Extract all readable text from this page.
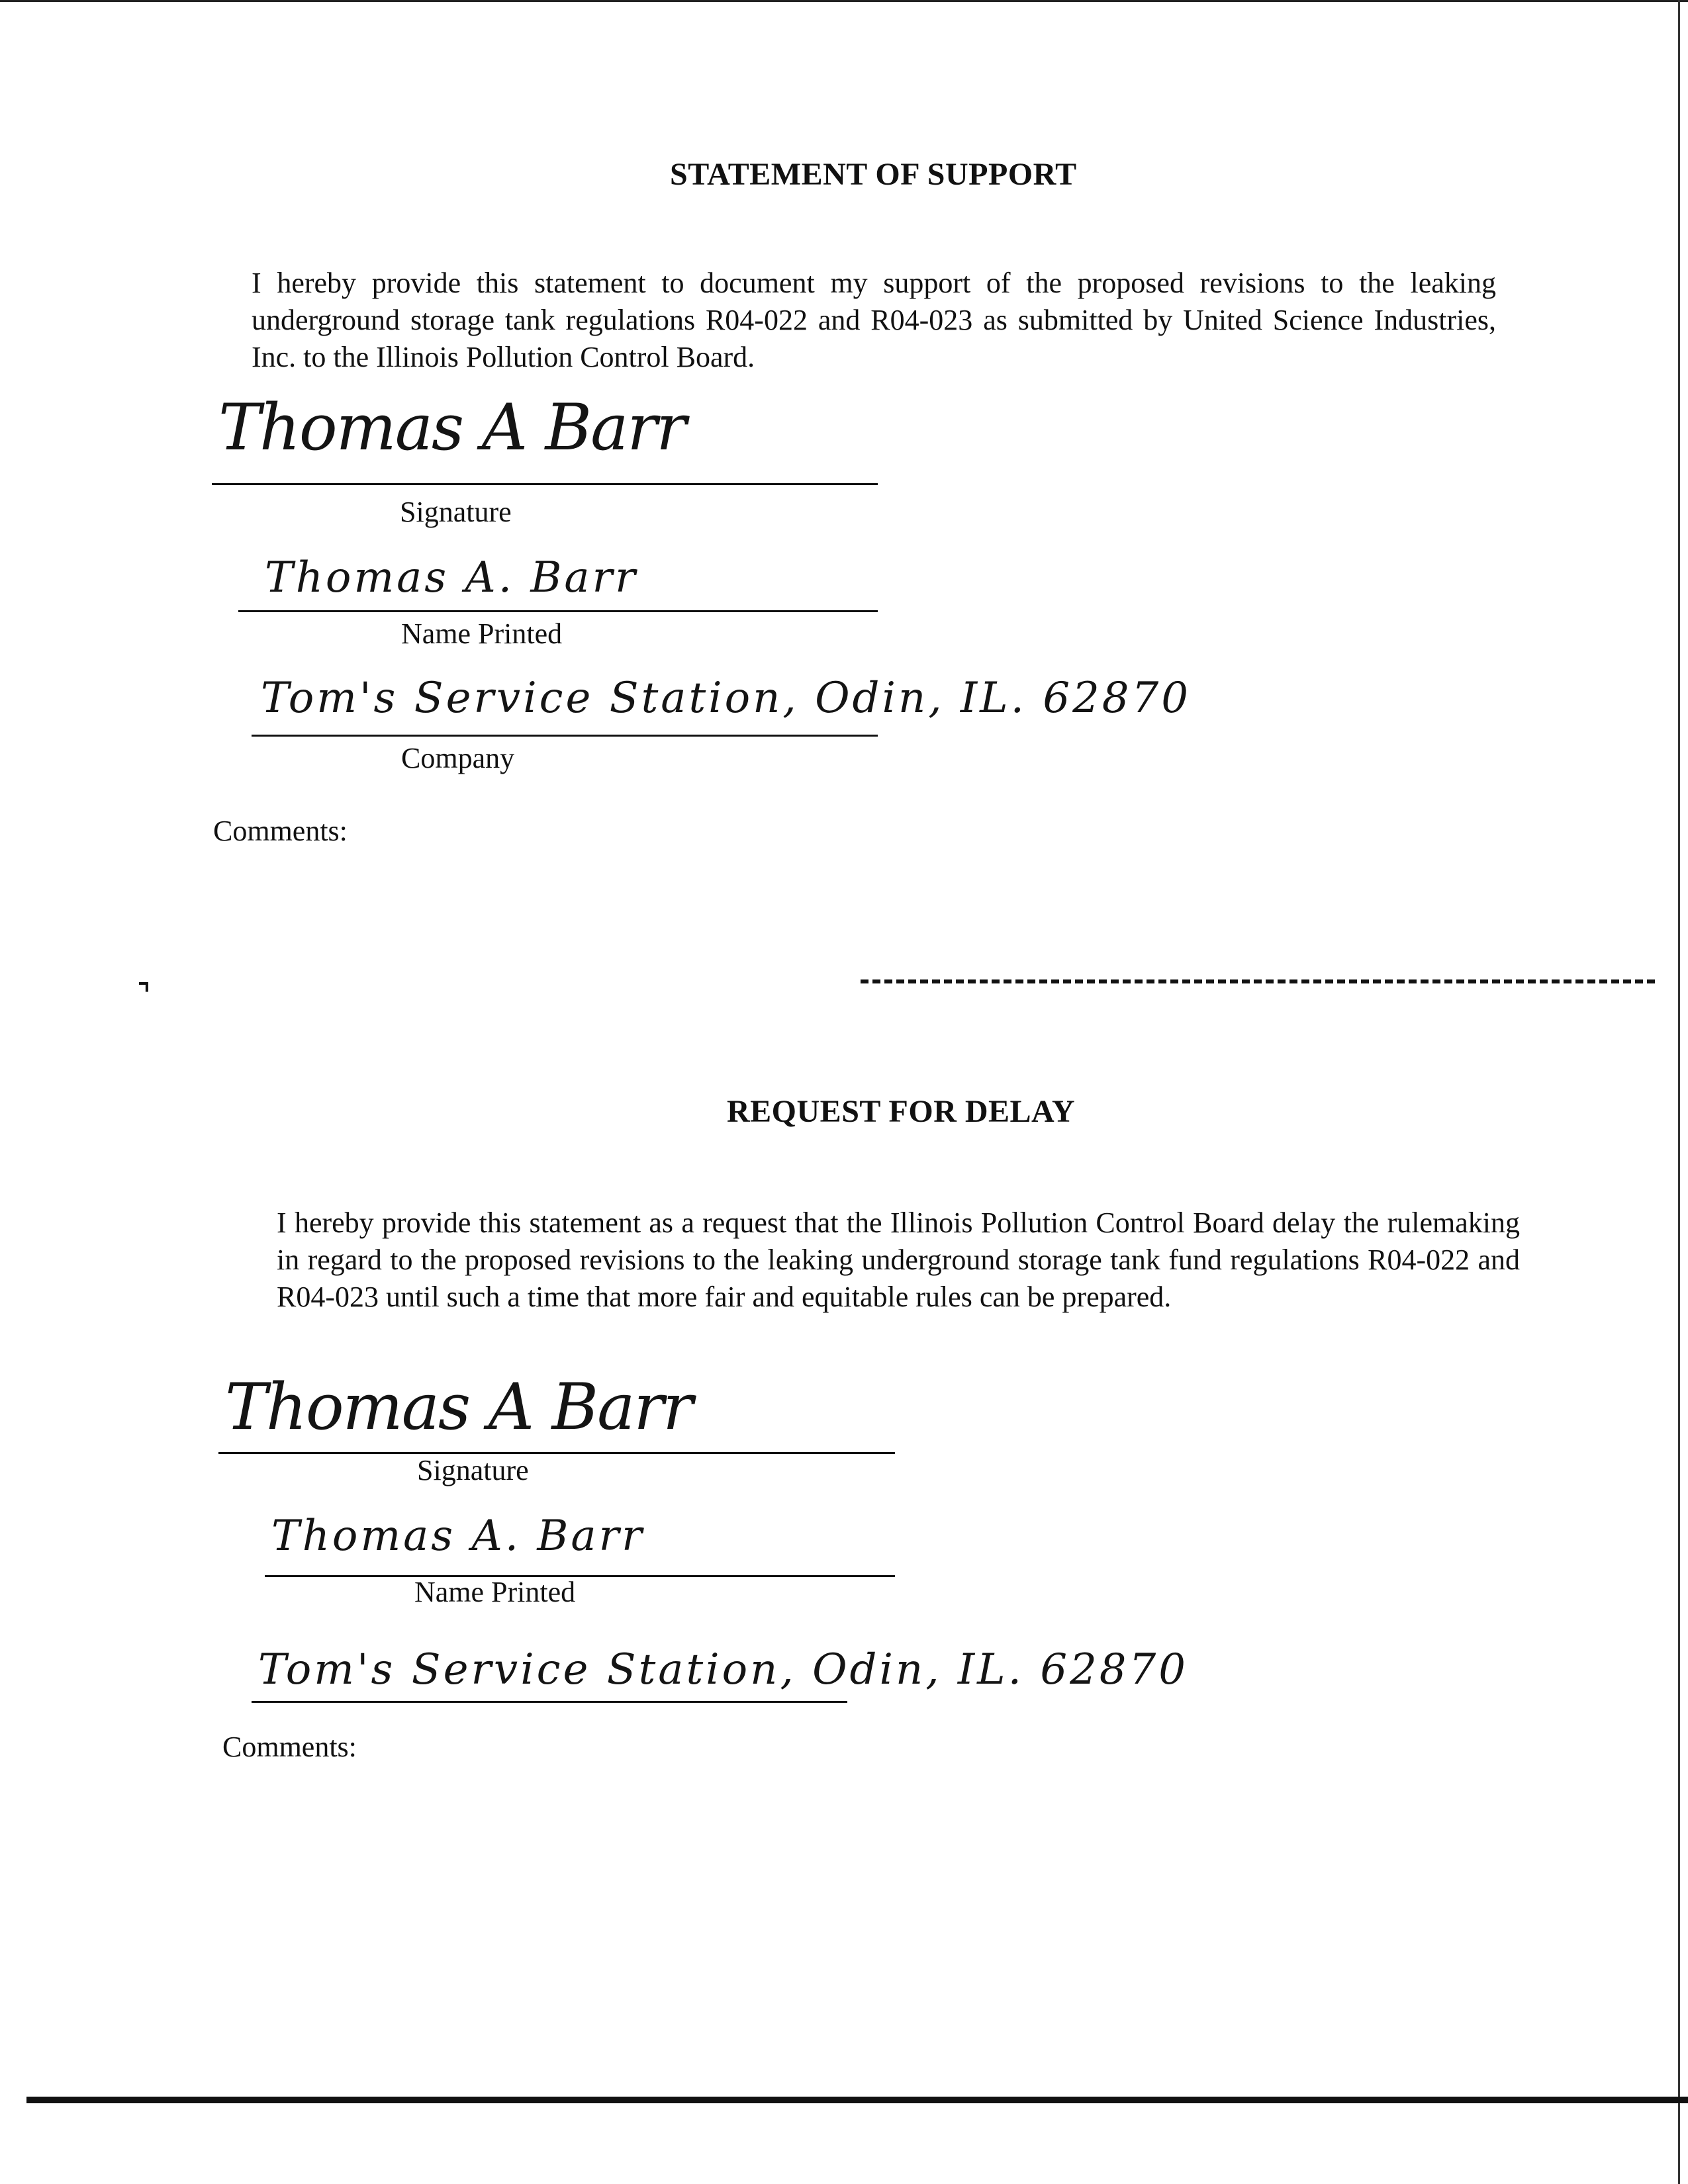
STATEMENT OF SUPPORT
I hereby provide this statement to document my support of the proposed revisions to the leaking underground storage tank regulations R04-022 and R04-023 as submitted by United Science Industries, Inc. to the Illinois Pollution Control Board.
Thomas A Barr
Signature
Thomas A. Barr
Name Printed
Tom's Service Station, Odin, IL. 62870
Company
Comments:
⌝
REQUEST FOR DELAY
I hereby provide this statement as a request that the Illinois Pollution Control Board delay the rulemaking in regard to the proposed revisions to the leaking underground storage tank fund regulations R04-022 and R04-023 until such a time that more fair and equitable rules can be prepared.
Thomas A Barr
Signature
Thomas A. Barr
Name Printed
Tom's Service Station, Odin, IL. 62870
Comments:
